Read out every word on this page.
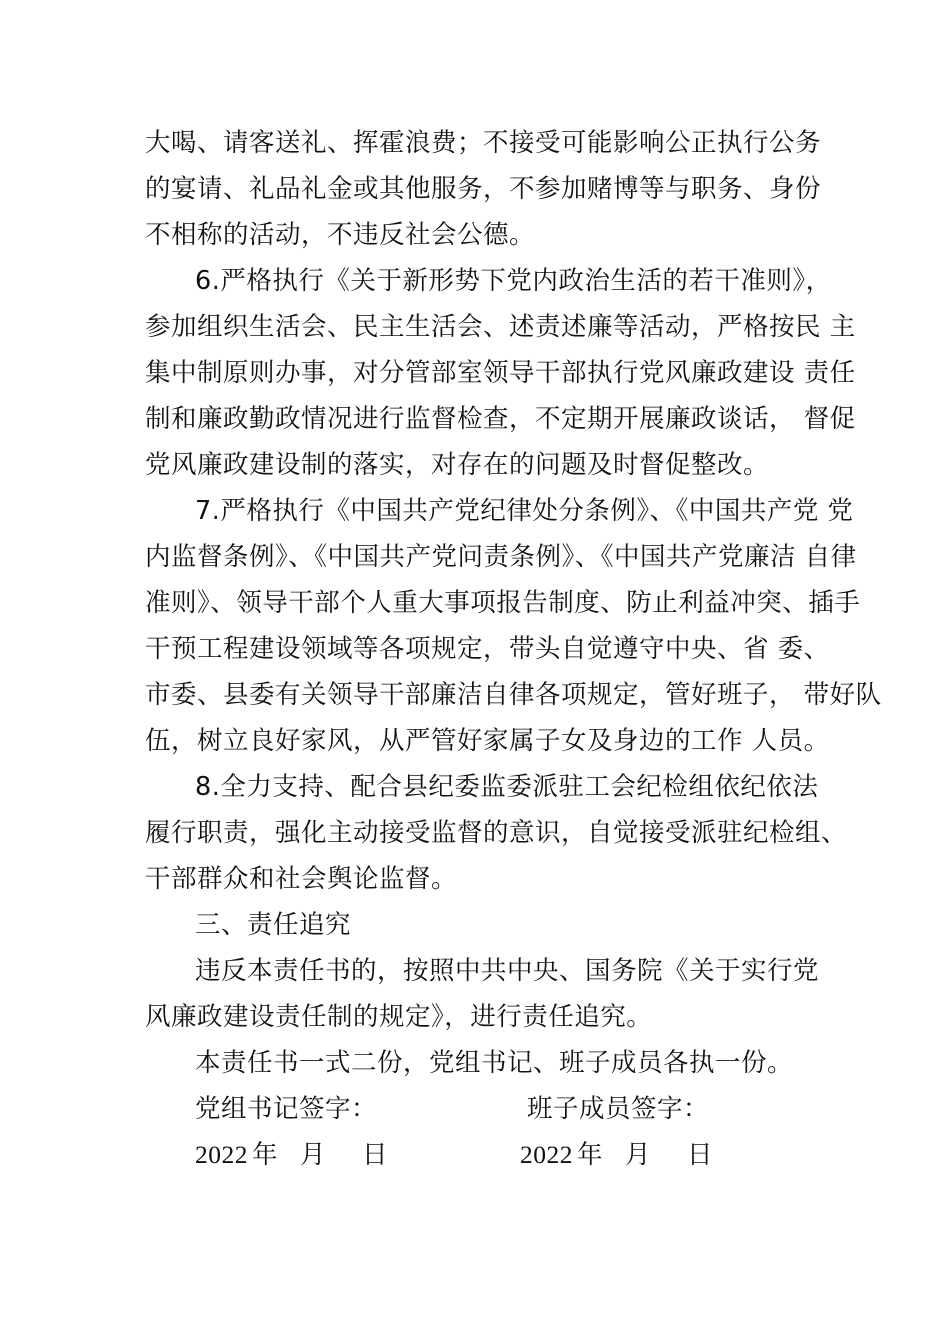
大喝、请客送礼、挥霍浪费；不接受可能影响公正执行公务
的宴请、礼品礼金或其他服务，不参加赌博等与职务、身份
不相称的活动，不违反社会公德。
6.严格执行《关于新形势下党内政治生活的若干准则》，
参加组织生活会、民主生活会、述责述廉等活动，严格按民 主
集中制原则办事，对分管部室领导干部执行党风廉政建设 责任
制和廉政勤政情况进行监督检查，不定期开展廉政谈话， 督促
党风廉政建设制的落实，对存在的问题及时督促整改。
7.严格执行《中国共产党纪律处分条例》、《中国共产党 党
内监督条例》、《中国共产党问责条例》、《中国共产党廉洁 自律
准则》、领导干部个人重大事项报告制度、防止利益冲突、插手
干预工程建设领域等各项规定，带头自觉遵守中央、省 委、
市委、县委有关领导干部廉洁自律各项规定，管好班子， 带好队
伍，树立良好家风，从严管好家属子女及身边的工作 人员。
8.全力支持、配合县纪委监委派驻工会纪检组依纪依法
履行职责，强化主动接受监督的意识，自觉接受派驻纪检组、
干部群众和社会舆论监督。
三、责任追究
违反本责任书的，按照中共中央、国务院《关于实行党
风廉政建设责任制的规定》，进行责任追究。
本责任书一式二份，党组书记、班子成员各执一份。
党组书记签字：	班子成员签字：
2022 年 月 日	2022 年 月 日
